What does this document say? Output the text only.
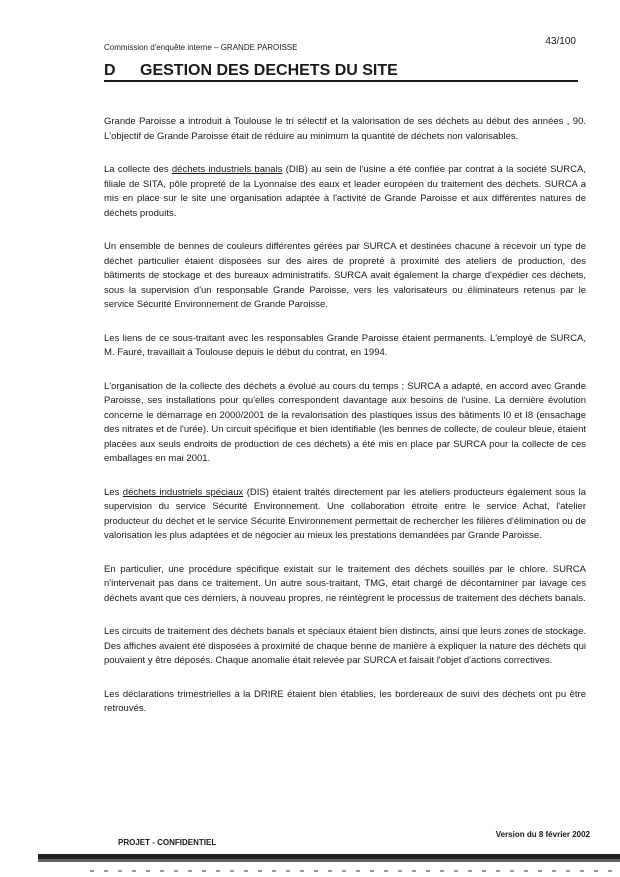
Commission d'enquête interne – GRANDE PAROISSE
43/100
D GESTION DES DECHETS DU SITE

Grande Paroisse a introduit à Toulouse le tri sélectif et la valorisation de ses déchets au début des années , 90. L'objectif de Grande Paroisse était de réduire au minimum la quantité de déchets non valorisables.

La collecte des déchets industriels banals (DIB) au sein de l'usine a été confiée par contrat à la société SURCA, filiale de SITA, pôle propreté de la Lyonnaise des eaux et leader européen du traitement des déchets. SURCA a mis en place sur le site une organisation adaptée à l'activité de Grande Paroisse et aux différentes natures de déchets produits.

Un ensemble de bennes de couleurs différentes gérées par SURCA et destinées chacune à recevoir un type de déchet particulier étaient disposées sur des aires de propreté à proximité des ateliers de production, des bâtiments de stockage et des bureaux administratifs. SURCA avait également la charge d'expédier ces déchets, sous la supervision d'un responsable Grande Paroisse, vers les valorisateurs ou éliminateurs retenus par le service Sécurité Environnement de Grande Paroisse.

Les liens de ce sous-traitant avec les responsables Grande Paroisse étaient permanents. L'employé de SURCA, M. Fauré, travaillait à Toulouse depuis le début du contrat, en 1994.

L'organisation de la collecte des déchets a évolué au cours du temps ; SURCA a adapté, en accord avec Grande Paroisse, ses installations pour qu'elles correspondent davantage aux besoins de l'usine. La dernière évolution concerne le démarrage en 2000/2001 de la revalorisation des plastiques issus des bâtiments I0 et I8 (ensachage des nitrates et de l'urée). Un circuit spécifique et bien identifiable (les bennes de collecte, de couleur bleue, étaient placées aux seuls endroits de production de ces déchets) a été mis en place par SURCA pour la collecte de ces emballages en mai 2001.

Les déchets industriels spéciaux (DIS) étaient traités directement par les ateliers producteurs également sous la supervision du service Sécurité Environnement. Une collaboration étroite entre le service Achat, l'atelier producteur du déchet et le service Sécurité Environnement permettait de rechercher les filières d'élimination ou de valorisation les plus adaptées et de négocier au mieux les prestations demandées par Grande Paroisse.

En particulier, une procédure spécifique existait sur le traitement des déchets souillés par le chlore. SURCA n'intervenait pas dans ce traitement. Un autre sous-traitant, TMG, était chargé de décontaminer par lavage ces déchets avant que ces derniers, à nouveau propres, ne réintègrent le processus de traitement des déchets banals.

Les circuits de traitement des déchets banals et spéciaux étaient bien distincts, ainsi que leurs zones de stockage. Des affiches avaient été disposées à proximité de chaque benne de manière à expliquer la nature des déchets qui pouvaient y être déposés. Chaque anomalie était relevée par SURCA et faisait l'objet d'actions correctives.

Les déclarations trimestrielles à la DRIRE étaient bien établies, les bordereaux de suivi des déchets ont pu être retrouvés.

PROJET - CONFIDENTIEL
Version du 8 février 2002
